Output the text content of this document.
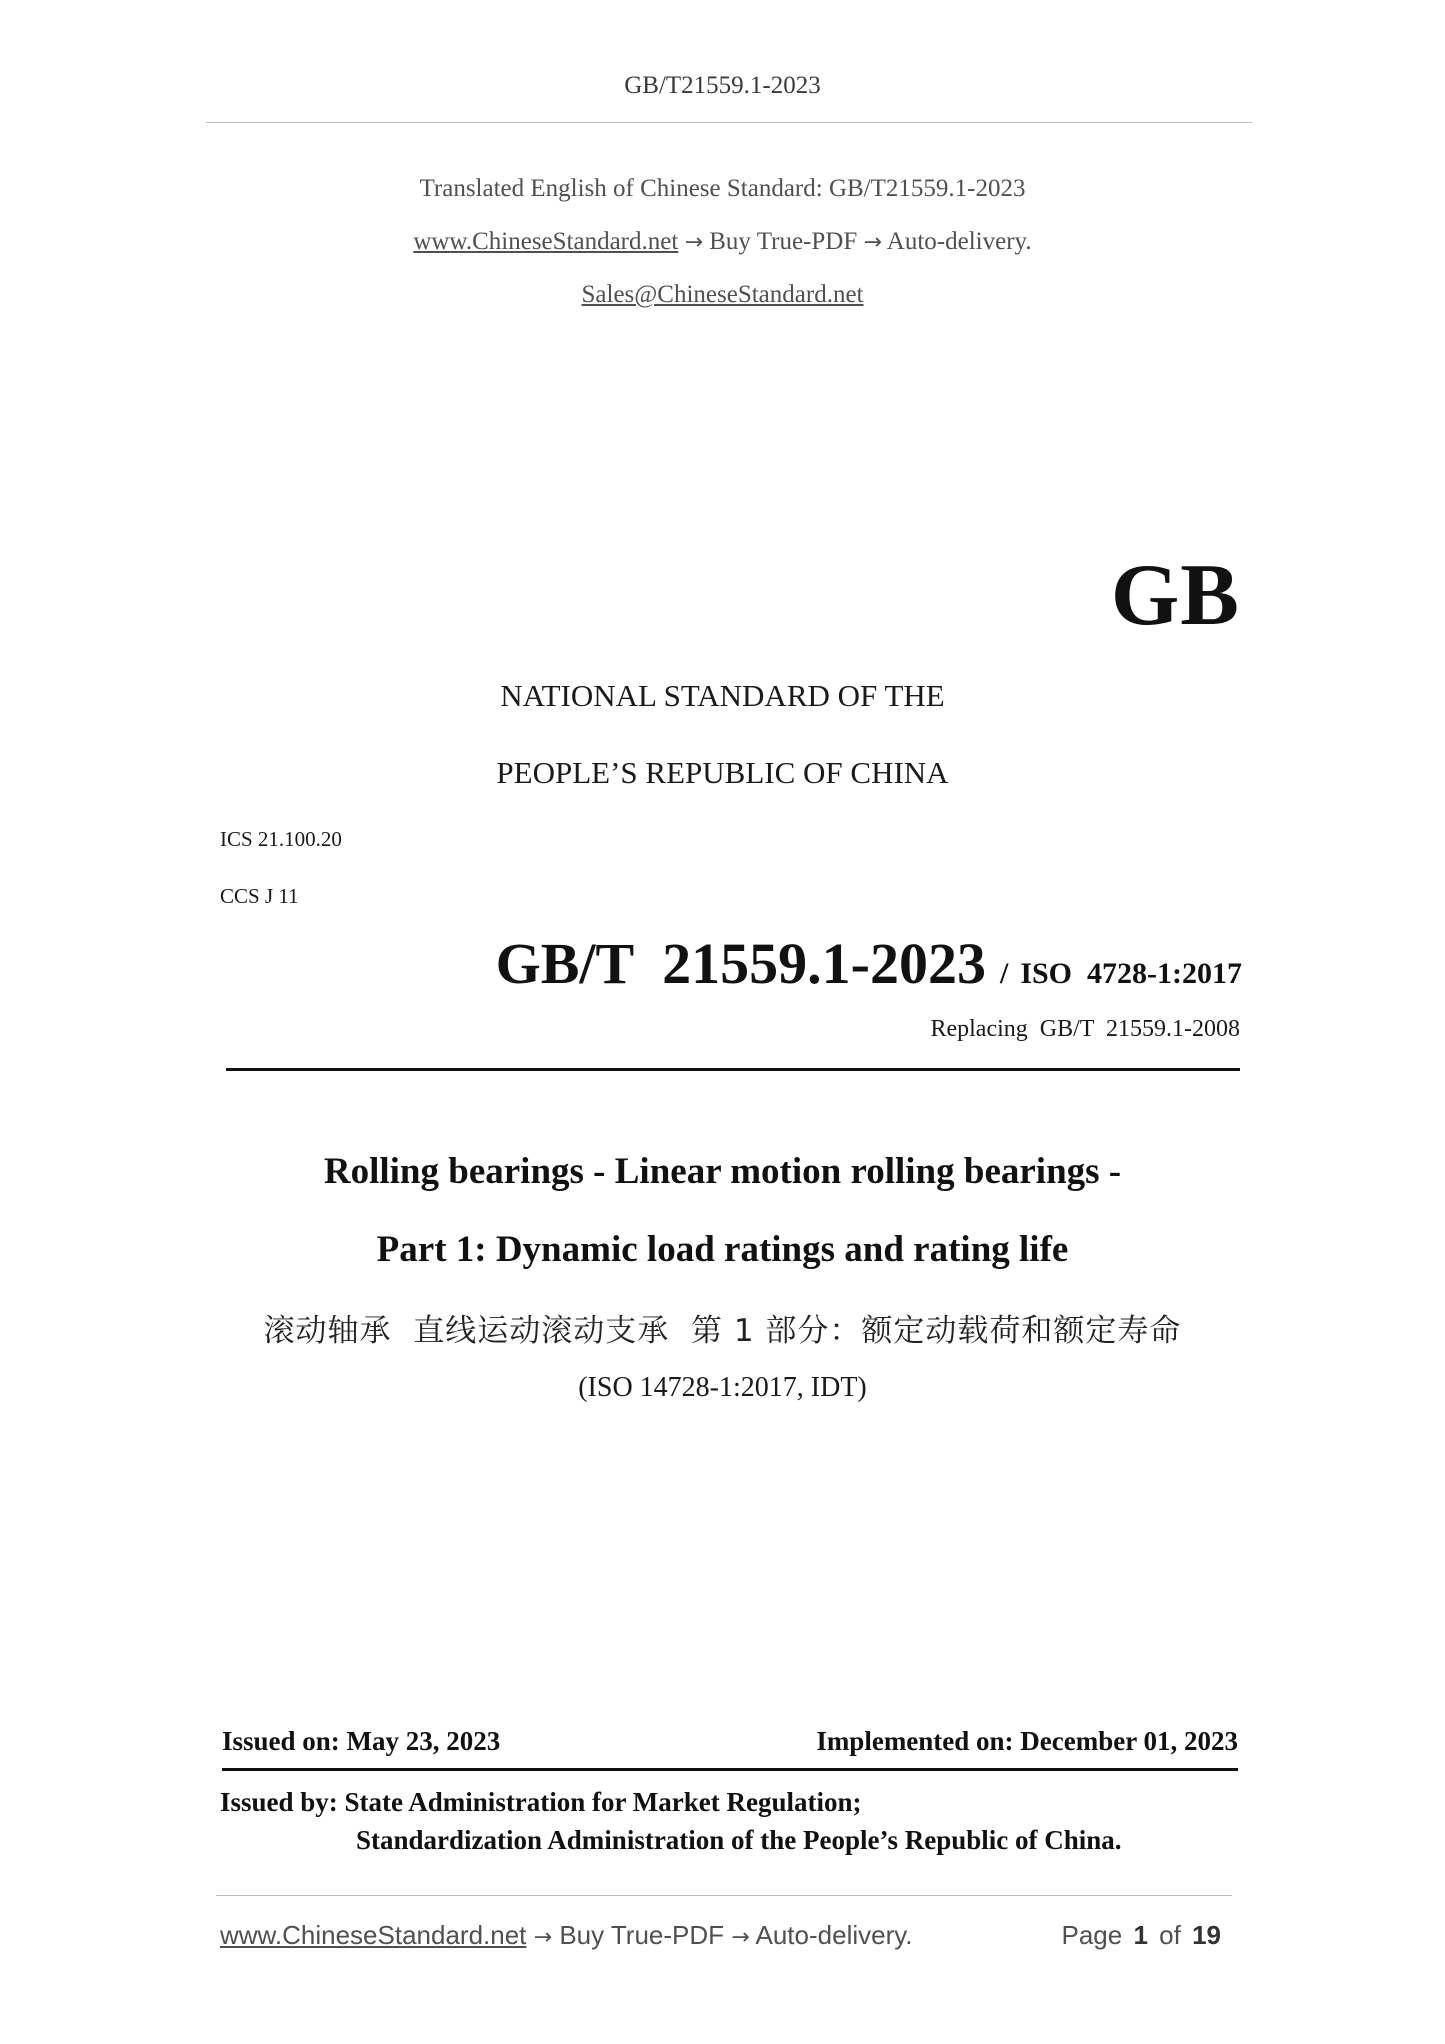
GB/T21559.1-2023
Translated English of Chinese Standard: GB/T21559.1-2023
www.ChineseStandard.net → Buy True-PDF → Auto-delivery.
Sales@ChineseStandard.net
GB
NATIONAL STANDARD OF THE
PEOPLE’S REPUBLIC OF CHINA
ICS 21.100.20
CCS J 11
GB/T  21559.1-2023 / ISO  4728-1:2017
Replacing  GB/T  21559.1-2008
Rolling bearings - Linear motion rolling bearings -
Part 1: Dynamic load ratings and rating life
滚动轴承  直线运动滚动支承  第 1 部分：额定动载荷和额定寿命
(ISO 14728-1:2017, IDT)
Issued on: May 23, 2023	Implemented on: December 01, 2023
Issued by: State Administration for Market Regulation;
Standardization Administration of the People’s Republic of China.
www.ChineseStandard.net → Buy True-PDF → Auto-delivery.	Page 1 of 19
